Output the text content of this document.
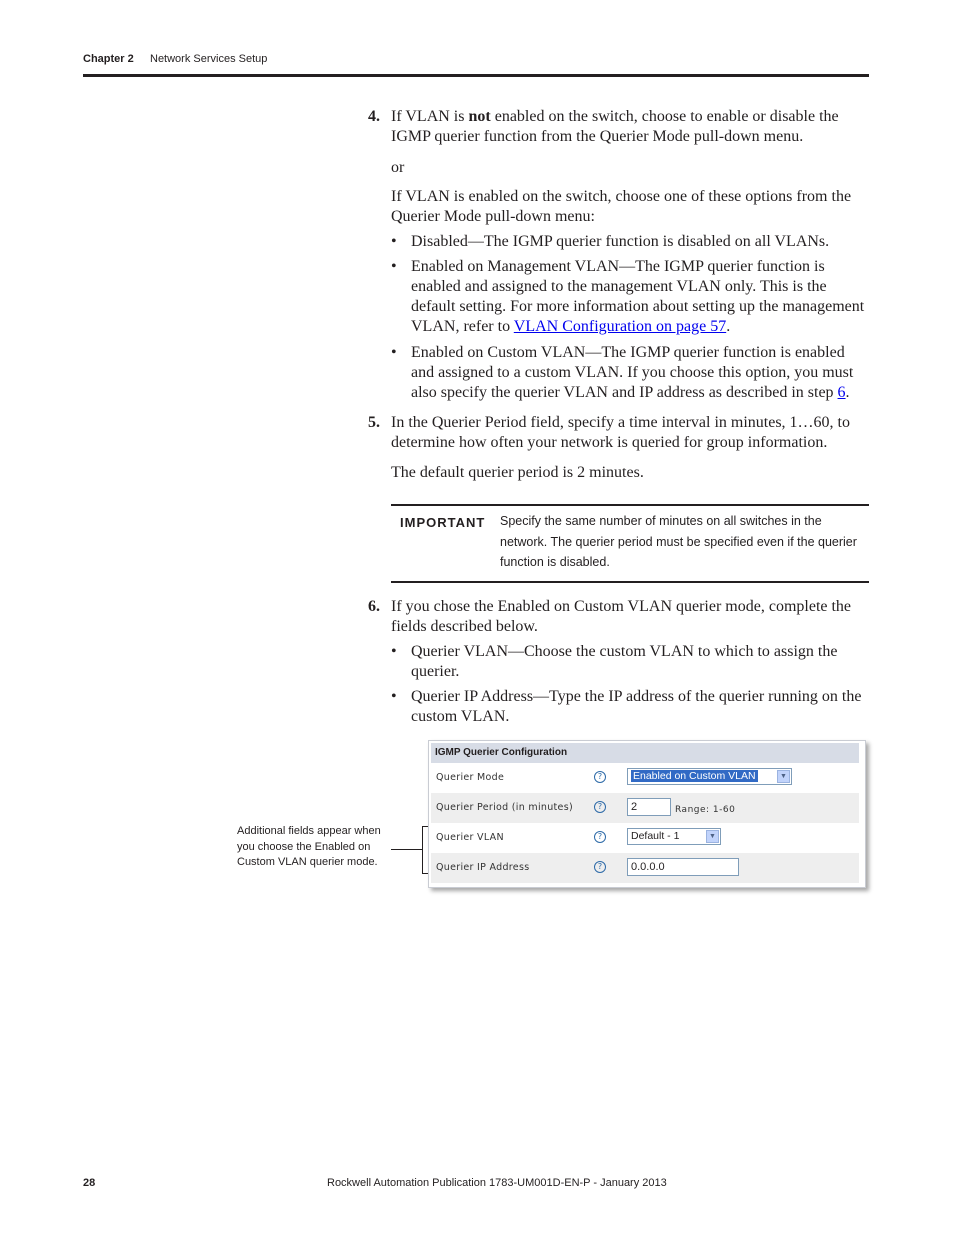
Chapter 2 Network Services Setup
4. If VLAN is not enabled on the switch, choose to enable or disable the IGMP querier function from the Querier Mode pull-down menu.
or
If VLAN is enabled on the switch, choose one of these options from the Querier Mode pull-down menu:
• Disabled—The IGMP querier function is disabled on all VLANs.
• Enabled on Management VLAN—The IGMP querier function is enabled and assigned to the management VLAN only. This is the default setting. For more information about setting up the management VLAN, refer to VLAN Configuration on page 57.
• Enabled on Custom VLAN—The IGMP querier function is enabled and assigned to a custom VLAN. If you choose this option, you must also specify the querier VLAN and IP address as described in step 6.
5. In the Querier Period field, specify a time interval in minutes, 1…60, to determine how often your network is queried for group information.
The default querier period is 2 minutes.
IMPORTANT Specify the same number of minutes on all switches in the network. The querier period must be specified even if the querier function is disabled.
6. If you chose the Enabled on Custom VLAN querier mode, complete the fields described below.
• Querier VLAN—Choose the custom VLAN to which to assign the querier.
• Querier IP Address—Type the IP address of the querier running on the custom VLAN.
Additional fields appear when you choose the Enabled on Custom VLAN querier mode.
IGMP Querier Configuration
Querier Mode	?	Enabled on Custom VLAN	▼
Querier Period (in minutes)	?	2	Range: 1-60
Querier VLAN	?	Default - 1	▼
Querier IP Address	?	0.0.0.0
28	Rockwell Automation Publication 1783-UM001D-EN-P - January 2013
